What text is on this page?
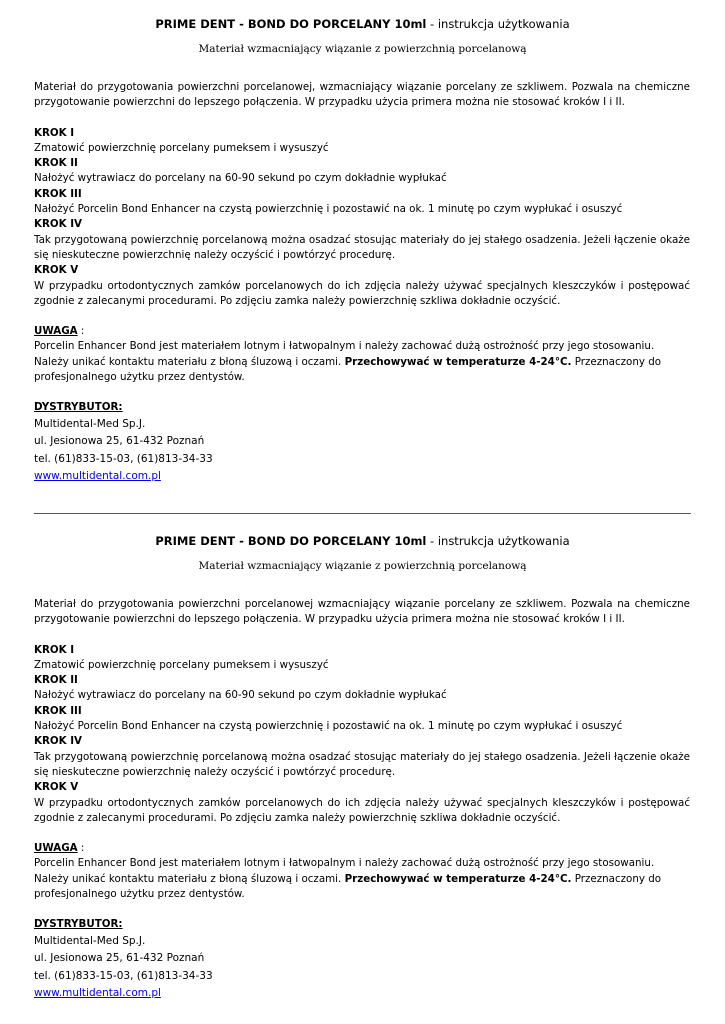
PRIME DENT - BOND DO PORCELANY 10ml - instrukcja użytkowania
Materiał wzmacniający wiązanie z powierzchnią porcelanową

Materiał do przygotowania powierzchni porcelanowej, wzmacniający wiązanie porcelany ze szkliwem. Pozwala na chemiczne przygotowanie powierzchni do lepszego połączenia. W przypadku użycia primera można nie stosować kroków I i II.

KROK I
Zmatowić powierzchnię porcelany pumeksem i wysuszyć
KROK II
Nałożyć wytrawiacz do porcelany na 60-90 sekund po czym dokładnie wypłukać
KROK III
Nałożyć Porcelin Bond Enhancer na czystą powierzchnię i pozostawić na ok. 1 minutę po czym wypłukać i osuszyć
KROK IV
Tak przygotowaną powierzchnię porcelanową można osadzać stosując materiały do jej stałego osadzenia. Jeżeli łączenie okaże się nieskuteczne powierzchnię należy oczyścić i powtórzyć procedurę.
KROK V
W przypadku ortodontycznych zamków porcelanowych do ich zdjęcia należy używać specjalnych kleszczyków i postępować zgodnie z zalecanymi procedurami. Po zdjęciu zamka należy powierzchnię szkliwa dokładnie oczyścić.
UWAGA :

Porcelin Enhancer Bond jest materiałem lotnym i łatwopalnym i należy zachować dużą ostrożność przy jego stosowaniu. Należy unikać kontaktu materiału z błoną śluzową i oczami. Przechowywać w temperaturze 4-24°C. Przeznaczony do profesjonalnego użytku przez dentystów.

DYSTRYBUTOR:
Multidental-Med Sp.J.
ul. Jesionowa 25, 61-432 Poznań
tel. (61)833-15-03, (61)813-34-33
www.multidental.com.pl
PRIME DENT - BOND DO PORCELANY 10ml - instrukcja użytkowania
Materiał wzmacniający wiązanie z powierzchnią porcelanową

Materiał do przygotowania powierzchni porcelanowej wzmacniający wiązanie porcelany ze szkliwem. Pozwala na chemiczne przygotowanie powierzchni do lepszego połączenia. W przypadku użycia primera można nie stosować kroków I i II.

KROK I
Zmatowić powierzchnię porcelany pumeksem i wysuszyć
KROK II
Nałożyć wytrawiacz do porcelany na 60-90 sekund po czym dokładnie wypłukać
KROK III
Nałożyć Porcelin Bond Enhancer na czystą powierzchnię i pozostawić na ok. 1 minutę po czym wypłukać i osuszyć
KROK IV
Tak przygotowaną powierzchnię porcelanową można osadzać stosując materiały do jej stałego osadzenia. Jeżeli łączenie okaże się nieskuteczne powierzchnię należy oczyścić i powtórzyć procedurę.
KROK V
W przypadku ortodontycznych zamków porcelanowych do ich zdjęcia należy używać specjalnych kleszczyków i postępować zgodnie z zalecanymi procedurami. Po zdjęciu zamka należy powierzchnię szkliwa dokładnie oczyścić.
UWAGA :

Porcelin Enhancer Bond jest materiałem lotnym i łatwopalnym i należy zachować dużą ostrożność przy jego stosowaniu. Należy unikać kontaktu materiału z błoną śluzową i oczami. Przechowywać w temperaturze 4-24°C. Przeznaczony do profesjonalnego użytku przez dentystów.

DYSTRYBUTOR:
Multidental-Med Sp.J.
ul. Jesionowa 25, 61-432 Poznań
tel. (61)833-15-03, (61)813-34-33
www.multidental.com.pl
